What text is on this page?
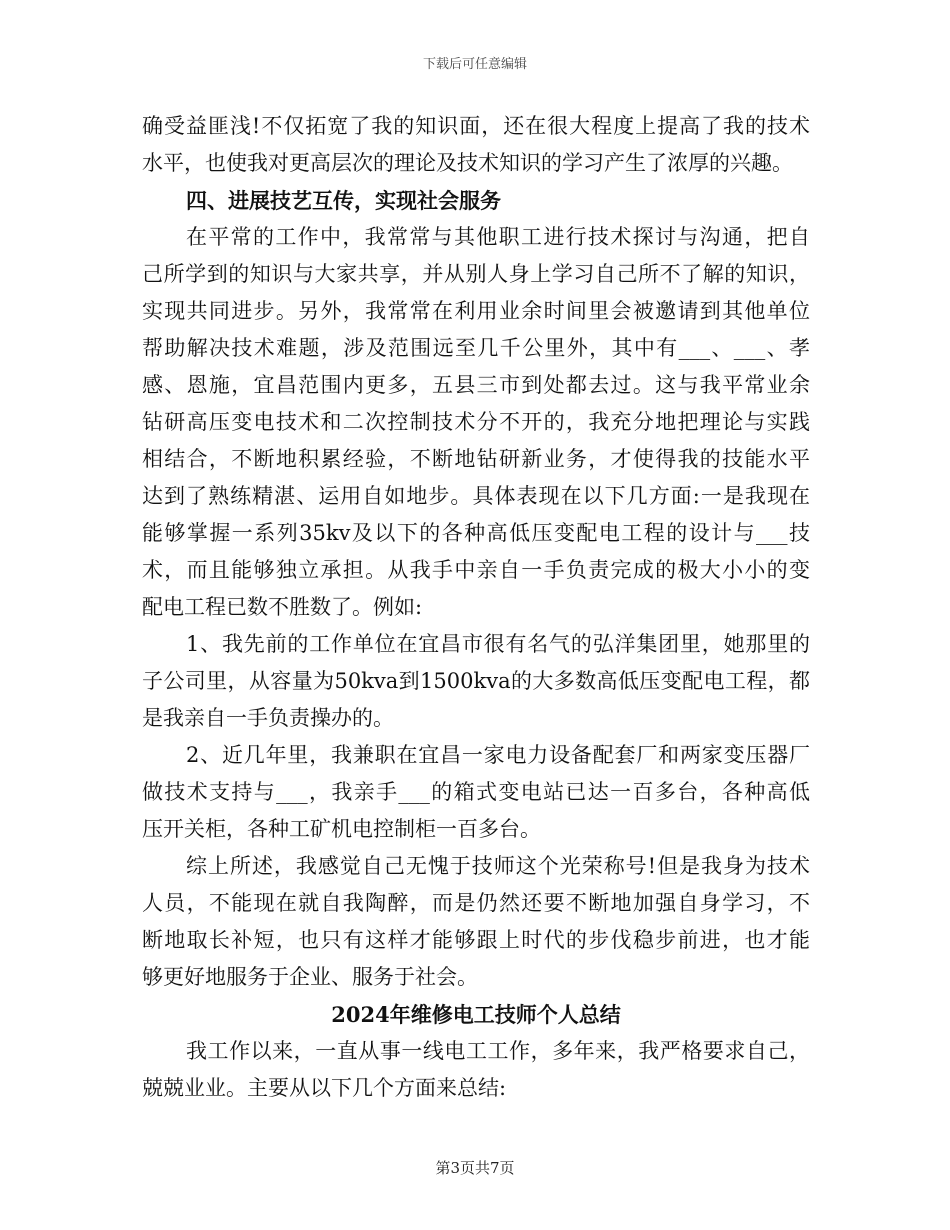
下载后可任意编辑
确受益匪浅!不仅拓宽了我的知识面，还在很大程度上提高了我的技术
水平，也使我对更高层次的理论及技术知识的学习产生了浓厚的兴趣。
四、进展技艺互传，实现社会服务
在平常的工作中，我常常与其他职工进行技术探讨与沟通，把自
己所学到的知识与大家共享，并从别人身上学习自己所不了解的知识，
实现共同进步。另外，我常常在利用业余时间里会被邀请到其他单位
帮助解决技术难题，涉及范围远至几千公里外，其中有___、___、孝
感、恩施，宜昌范围内更多，五县三市到处都去过。这与我平常业余
钻研高压变电技术和二次控制技术分不开的，我充分地把理论与实践
相结合，不断地积累经验，不断地钻研新业务，才使得我的技能水平
达到了熟练精湛、运用自如地步。具体表现在以下几方面:一是我现在
能够掌握一系列35kv及以下的各种高低压变配电工程的设计与___技
术，而且能够独立承担。从我手中亲自一手负责完成的极大小小的变
配电工程已数不胜数了。例如:
1、我先前的工作单位在宜昌市很有名气的弘洋集团里，她那里的
子公司里，从容量为50kva到1500kva的大多数高低压变配电工程，都
是我亲自一手负责操办的。
2、近几年里，我兼职在宜昌一家电力设备配套厂和两家变压器厂
做技术支持与___，我亲手___的箱式变电站已达一百多台，各种高低
压开关柜，各种工矿机电控制柜一百多台。
综上所述，我感觉自己无愧于技师这个光荣称号!但是我身为技术
人员，不能现在就自我陶醉，而是仍然还要不断地加强自身学习，不
断地取长补短，也只有这样才能够跟上时代的步伐稳步前进，也才能
够更好地服务于企业、服务于社会。
2024年维修电工技师个人总结
我工作以来，一直从事一线电工工作，多年来，我严格要求自己，
兢兢业业。主要从以下几个方面来总结:
第3页共7页
